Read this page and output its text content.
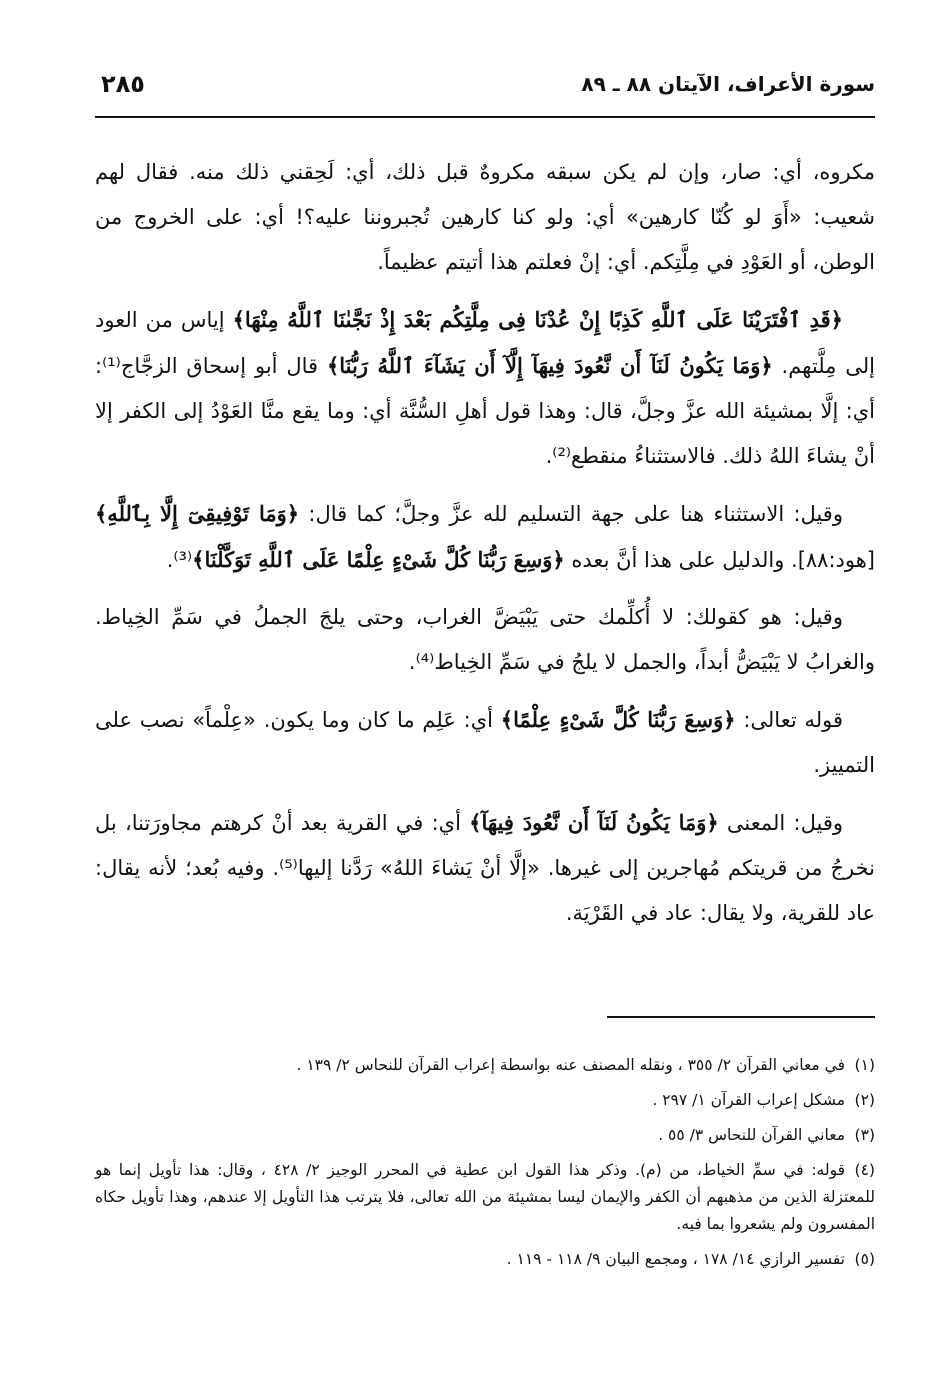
سورة الأعراف، الآيتان ٨٨ ـ ٨٩
٢٨٥

مكروه، أي: صار، وإن لم يكن سبقه مكروهٌ قبل ذلك، أي: لَحِقني ذلك منه. فقال لهم شعيب: «أَوَ لو كُنّا كارهين» أي: ولو كنا كارهين تُجبروننا عليه؟! أي: على الخروج من الوطن، أو العَوْدِ في مِلَّتِكم. أي: إنْ فعلتم هذا أتيتم عظيماً.

﴿قَدِ ٱفْتَرَيْنَا عَلَى ٱللَّهِ كَذِبًا إِنْ عُدْنَا فِى مِلَّتِكُم بَعْدَ إِذْ نَجَّىٰنَا ٱللَّهُ مِنْهَا﴾ إياس من العود إلى مِلَّتهم. ﴿وَمَا يَكُونُ لَنَآ أَن نَّعُودَ فِيهَآ إِلَّآ أَن يَشَآءَ ٱللَّهُ رَبُّنَا﴾ قال أبو إسحاق الزجَّاج⁽¹⁾: أي: إلَّا بمشيئة الله عزَّ وجلَّ، قال: وهذا قول أهلِ السُّنَّة أي: وما يقع منَّا العَوْدُ إلى الكفر إلا أنْ يشاءَ اللهُ ذلك. فالاستثناءُ منقطع⁽²⁾.

وقيل: الاستثناء هنا على جهة التسليم لله عزَّ وجلَّ؛ كما قال: ﴿وَمَا تَوْفِيقِىٓ إِلَّا بِٱللَّهِ﴾ [هود:٨٨]. والدليل على هذا أنَّ بعده ﴿وَسِعَ رَبُّنَا كُلَّ شَىْءٍ عِلْمًا عَلَى ٱللَّهِ تَوَكَّلْنَا﴾⁽³⁾.

وقيل: هو كقولك: لا أُكلِّمك حتى يَبْيَضَّ الغراب، وحتى يلجَ الجملُ في سَمِّ الخِياط. والغرابُ لا يَبْيَضُّ أبداً، والجمل لا يلجُ في سَمِّ الخِياط⁽⁴⁾.

قوله تعالى: ﴿وَسِعَ رَبُّنَا كُلَّ شَىْءٍ عِلْمًا﴾ أي: عَلِم ما كان وما يكون. «عِلْماً» نصب على التمييز.

وقيل: المعنى ﴿وَمَا يَكُونُ لَنَآ أَن نَّعُودَ فِيهَآ﴾ أي: في القرية بعد أنْ كرهتم مجاورَتنا، بل نخرجُ من قريتكم مُهاجرين إلى غيرها. «إلَّا أنْ يَشاءَ اللهُ» رَدَّنا إليها⁽⁵⁾. وفيه بُعد؛ لأنه يقال: عاد للقرية، ولا يقال: عاد في القَرْيَة.

(١)في معاني القرآن ٢/ ٣٥٥ ، ونقله المصنف عنه بواسطة إعراب القرآن للنحاس ٢/ ١٣٩ .
(٢)مشكل إعراب القرآن ١/ ٢٩٧ .
(٣)معاني القرآن للنحاس ٣/ ٥٥ .
(٤)قوله: في سمِّ الخياط، من (م). وذكر هذا القول ابن عطية في المحرر الوجيز ٢/ ٤٢٨ ، وقال: هذا تأويل إنما هو للمعتزلة الذين من مذهبهم أن الكفر والإيمان ليسا بمشيئة من الله تعالى، فلا يترتب هذا التأويل إلا عندهم، وهذا تأويل حكاه المفسرون ولم يشعروا بما فيه.
(٥)تفسير الرازي ١٤/ ١٧٨ ، ومجمع البيان ٩/ ١١٨ - ١١٩ .
